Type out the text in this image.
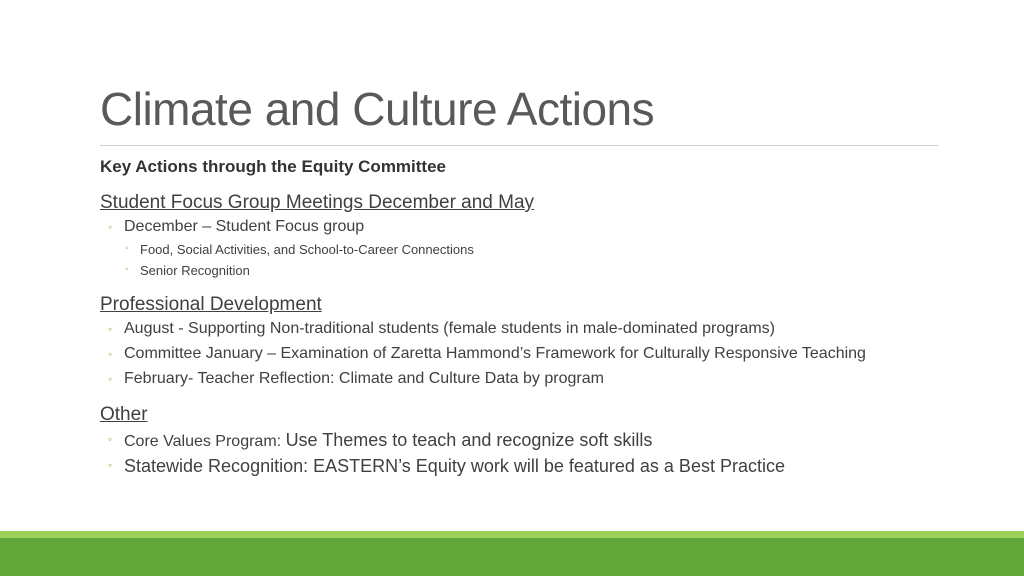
Climate and Culture Actions

Key Actions through the Equity Committee

Student Focus Group Meetings December and May

◦ December – Student Focus group

◦ Food, Social Activities, and School-to-Career Connections

◦ Senior Recognition

Professional Development

◦ August - Supporting Non-traditional students (female students in male-dominated programs)

◦ Committee January – Examination of Zaretta Hammond’s Framework for Culturally Responsive Teaching

◦ February- Teacher Reflection: Climate and Culture Data by program

Other

◦ Core Values Program: Use Themes to teach and recognize soft skills

◦ Statewide Recognition: EASTERN’s Equity work will be featured as a Best Practice
